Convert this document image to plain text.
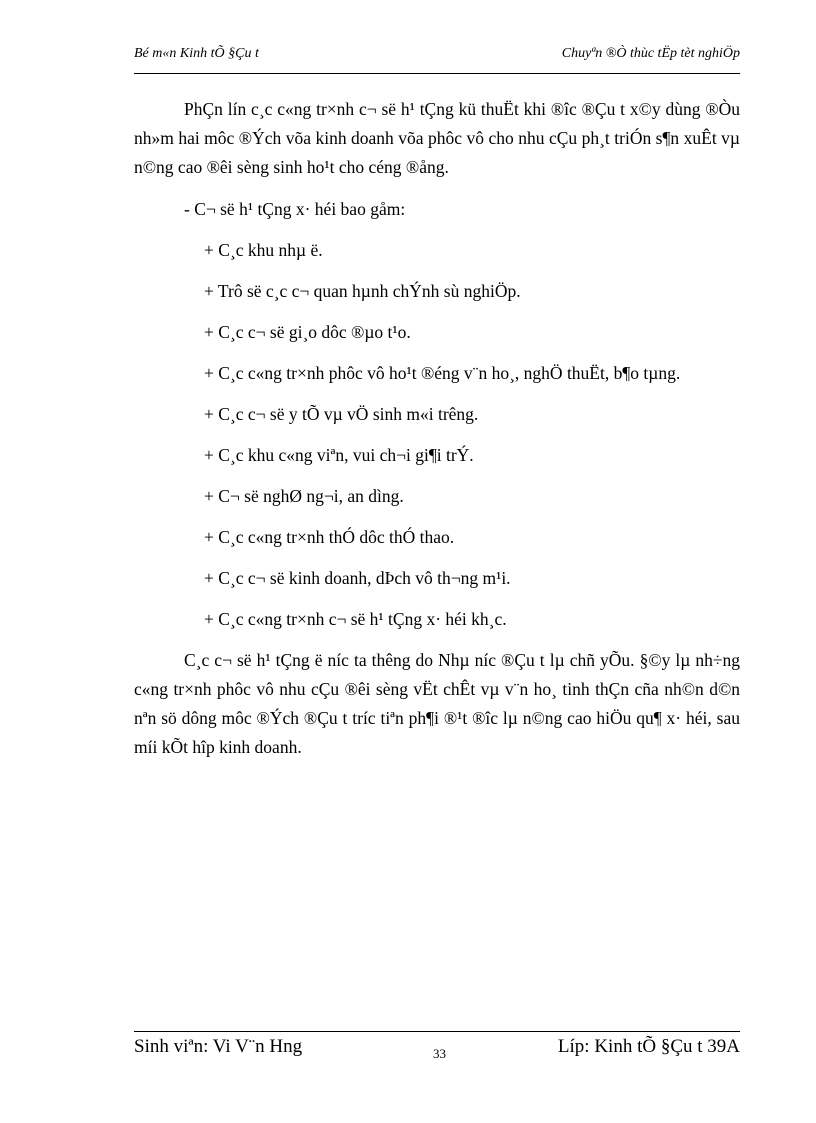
Bé m«n Kinh tÕ §Çu t	Chuyªn ®Ò thùc tËp tèt nghiÖp

PhÇn lín c¸c c«ng tr×nh c¬ së h¹ tÇng kü thuËt khi ®îc ®Çu t x©y dùng ®Òu nh»m hai môc ®Ých võa kinh doanh võa phôc vô cho nhu cÇu ph¸t triÓn s¶n xuÊt vµ n©ng cao ®êi sèng sinh ho¹t cho céng ®ång.

- C¬ së h¹ tÇng x· héi bao gåm:
+ C¸c khu nhµ ë.
+ Trô së c¸c c¬ quan hµnh chÝnh sù nghiÖp.
+ C¸c c¬ së gi¸o dôc ®µo t¹o.
+ C¸c c«ng tr×nh phôc vô ho¹t ®éng v¨n ho¸, nghÖ thuËt, b¶o tµng.
+ C¸c c¬ së y tÕ vµ vÖ sinh m«i trêng.
+ C¸c khu c«ng viªn, vui ch¬i gi¶i trÝ.
+ C¬ së nghØ ng¬i, an dìng.
+ C¸c c«ng tr×nh thÓ dôc thÓ thao.
+ C¸c c¬ së kinh doanh, dÞch vô th¬ng m¹i.
+ C¸c c«ng tr×nh c¬ së h¹ tÇng x· héi kh¸c.

C¸c c¬ së h¹ tÇng ë níc ta thêng do Nhµ níc ®Çu t lµ chñ yÕu. §©y lµ nh÷ng c«ng tr×nh phôc vô nhu cÇu ®êi sèng vËt chÊt vµ v¨n ho¸ tinh thÇn cña nh©n d©n nªn sö dông môc ®Ých ®Çu t tríc tiªn ph¶i ®¹t ®îc lµ n©ng cao hiÖu qu¶ x· héi, sau míi kÕt hîp kinh doanh.

Sinh viªn: Vi V¨n Hng	33	Líp: Kinh tÕ §Çu t 39A
